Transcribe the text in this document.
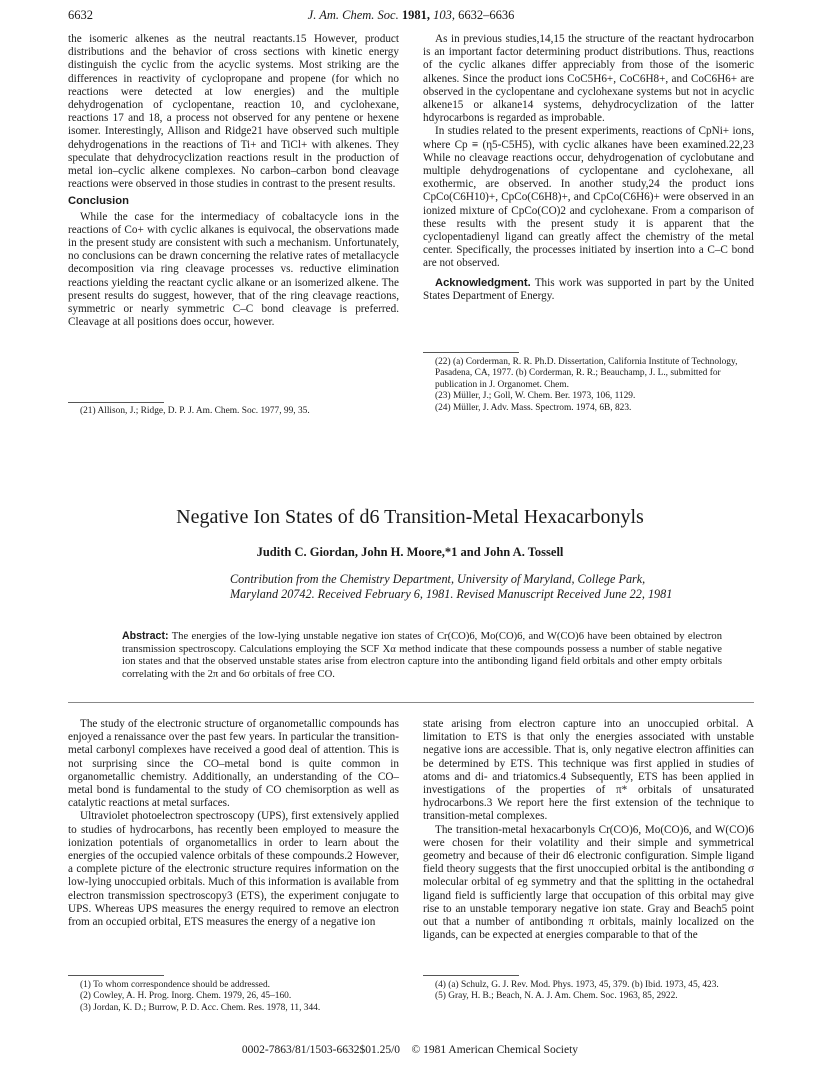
6632	J. Am. Chem. Soc. 1981, 103, 6632–6636

the isomeric alkenes as the neutral reactants.15 However, product distributions and the behavior of cross sections with kinetic energy distinguish the cyclic from the acyclic systems. Most striking are the differences in reactivity of cyclopropane and propene (for which no reactions were detected at low energies) and the multiple dehydrogenation of cyclopentane, reaction 10, and cyclohexane, reactions 17 and 18, a process not observed for any pentene or hexene isomer. Interestingly, Allison and Ridge21 have observed such multiple dehydrogenations in the reactions of Ti+ and TiCl+ with alkenes. They speculate that dehydrocyclization reactions result in the production of metal ion–cyclic alkene complexes. No carbon–carbon bond cleavage reactions were observed in those studies in contrast to the present results.

Conclusion

While the case for the intermediacy of cobaltacycle ions in the reactions of Co+ with cyclic alkanes is equivocal, the observations made in the present study are consistent with such a mechanism. Unfortunately, no conclusions can be drawn concerning the relative rates of metallacycle decomposition via ring cleavage processes vs. reductive elimination reactions yielding the reactant cyclic alkane or an isomerized alkene. The present results do suggest, however, that of the ring cleavage reactions, symmetric or nearly symmetric C–C bond cleavage is preferred. Cleavage at all positions does occur, however.

(21) Allison, J.; Ridge, D. P. J. Am. Chem. Soc. 1977, 99, 35.

As in previous studies,14,15 the structure of the reactant hydrocarbon is an important factor determining product distributions. Thus, reactions of the cyclic alkanes differ appreciably from those of the isomeric alkenes. Since the product ions CoC5H6+, CoC6H8+, and CoC6H6+ are observed in the cyclopentane and cyclohexane systems but not in acyclic alkene15 or alkane14 systems, dehydrocyclization of the latter hdyrocarbons is regarded as improbable.

In studies related to the present experiments, reactions of CpNi+ ions, where Cp ≡ (η5-C5H5), with cyclic alkanes have been examined.22,23 While no cleavage reactions occur, dehydrogenation of cyclobutane and multiple dehydrogenations of cyclopentane and cyclohexane, all exothermic, are observed. In another study,24 the product ions CpCo(C6H10)+, CpCo(C6H8)+, and CpCo(C6H6)+ were observed in an ionized mixture of CpCo(CO)2 and cyclohexane. From a comparison of these results with the present study it is apparent that the cyclopentadienyl ligand can greatly affect the chemistry of the metal center. Specifically, the processes initiated by insertion into a C–C bond are not observed.

Acknowledgment. This work was supported in part by the United States Department of Energy.

(22) (a) Corderman, R. R. Ph.D. Dissertation, California Institute of Technology, Pasadena, CA, 1977. (b) Corderman, R. R.; Beauchamp, J. L., submitted for publication in J. Organomet. Chem.
(23) Müller, J.; Goll, W. Chem. Ber. 1973, 106, 1129.
(24) Müller, J. Adv. Mass. Spectrom. 1974, 6B, 823.
Negative Ion States of d6 Transition-Metal Hexacarbonyls
Judith C. Giordan, John H. Moore,*1 and John A. Tossell
Contribution from the Chemistry Department, University of Maryland, College Park,
Maryland 20742. Received February 6, 1981. Revised Manuscript Received June 22, 1981
Abstract: The energies of the low-lying unstable negative ion states of Cr(CO)6, Mo(CO)6, and W(CO)6 have been obtained by electron transmission spectroscopy. Calculations employing the SCF Xα method indicate that these compounds possess a number of stable negative ion states and that the observed unstable states arise from electron capture into the antibonding ligand field orbitals and other empty orbitals correlating with the 2π and 6σ orbitals of free CO.

The study of the electronic structure of organometallic compounds has enjoyed a renaissance over the past few years. In particular the transition-metal carbonyl complexes have received a good deal of attention. This is not surprising since the CO–metal bond is quite common in organometallic chemistry. Additionally, an understanding of the CO–metal bond is fundamental to the study of CO chemisorption as well as catalytic reactions at metal surfaces.

Ultraviolet photoelectron spectroscopy (UPS), first extensively applied to studies of hydrocarbons, has recently been employed to measure the ionization potentials of organometallics in order to learn about the energies of the occupied valence orbitals of these compounds.2 However, a complete picture of the electronic structure requires information on the low-lying unoccupied orbitals. Much of this information is available from electron transmission spectroscopy3 (ETS), the experiment conjugate to UPS. Whereas UPS measures the energy required to remove an electron from an occupied orbital, ETS measures the energy of a negative ion

(1) To whom correspondence should be addressed.
(2) Cowley, A. H. Prog. Inorg. Chem. 1979, 26, 45–160.
(3) Jordan, K. D.; Burrow, P. D. Acc. Chem. Res. 1978, 11, 344.

state arising from electron capture into an unoccupied orbital. A limitation to ETS is that only the energies associated with unstable negative ions are accessible. That is, only negative electron affinities can be determined by ETS. This technique was first applied in studies of atoms and di- and triatomics.4 Subsequently, ETS has been applied in investigations of the properties of π* orbitals of unsaturated hydrocarbons.3 We report here the first extension of the technique to transition-metal complexes.

The transition-metal hexacarbonyls Cr(CO)6, Mo(CO)6, and W(CO)6 were chosen for their volatility and their simple and symmetrical geometry and because of their d6 electronic configuration. Simple ligand field theory suggests that the first unoccupied orbital is the antibonding σ molecular orbital of eg symmetry and that the splitting in the octahedral ligand field is sufficiently large that occupation of this orbital may give rise to an unstable temporary negative ion state. Gray and Beach5 point out that a number of antibonding π orbitals, mainly localized on the ligands, can be expected at energies comparable to that of the

(4) (a) Schulz, G. J. Rev. Mod. Phys. 1973, 45, 379. (b) Ibid. 1973, 45, 423.
(5) Gray, H. B.; Beach, N. A. J. Am. Chem. Soc. 1963, 85, 2922.
0002-7863/81/1503-6632$01.25/0 © 1981 American Chemical Society
